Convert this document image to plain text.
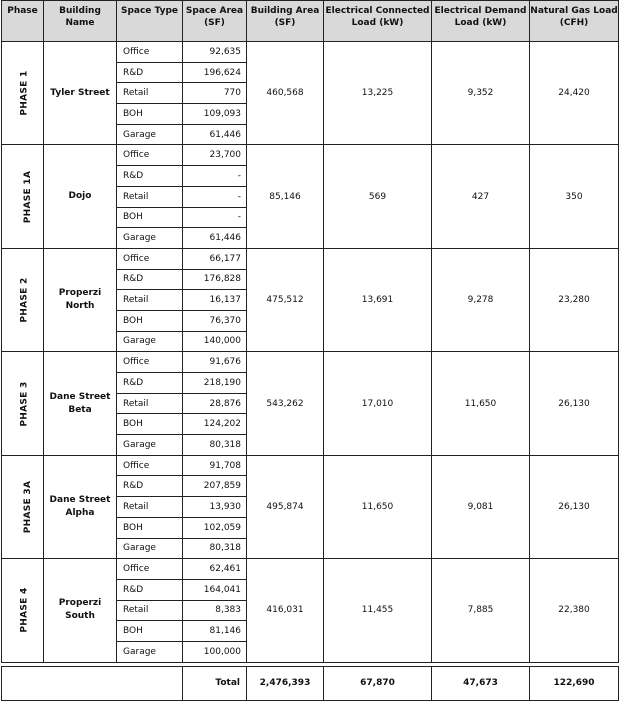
Phase	Building Name	Space Type	Space Area (SF)	Building Area (SF)	Electrical Connected Load (kW)	Electrical Demand Load (kW)	Natural Gas Load (CFH)
PHASE 1	Tyler Street	Office	92,635	460,568	13,225	9,352	24,420
		R&D	196,624				
		Retail	770				
		BOH	109,093				
		Garage	61,446				
PHASE 1A	Dojo	Office	23,700	85,146	569	427	350
		R&D	-				
		Retail	-				
		BOH	-				
		Garage	61,446				
PHASE 2	Properzi North	Office	66,177	475,512	13,691	9,278	23,280
		R&D	176,828				
		Retail	16,137				
		BOH	76,370				
		Garage	140,000				
PHASE 3	Dane Street Beta	Office	91,676	543,262	17,010	11,650	26,130
		R&D	218,190				
		Retail	28,876				
		BOH	124,202				
		Garage	80,318				
PHASE 3A	Dane Street Alpha	Office	91,708	495,874	11,650	9,081	26,130
		R&D	207,859				
		Retail	13,930				
		BOH	102,059				
		Garage	80,318				
PHASE 4	Properzi South	Office	62,461	416,031	11,455	7,885	22,380
		R&D	164,041				
		Retail	8,383				
		BOH	81,146				
		Garage	100,000				

			Total	2,476,393	67,870	47,673	122,690
